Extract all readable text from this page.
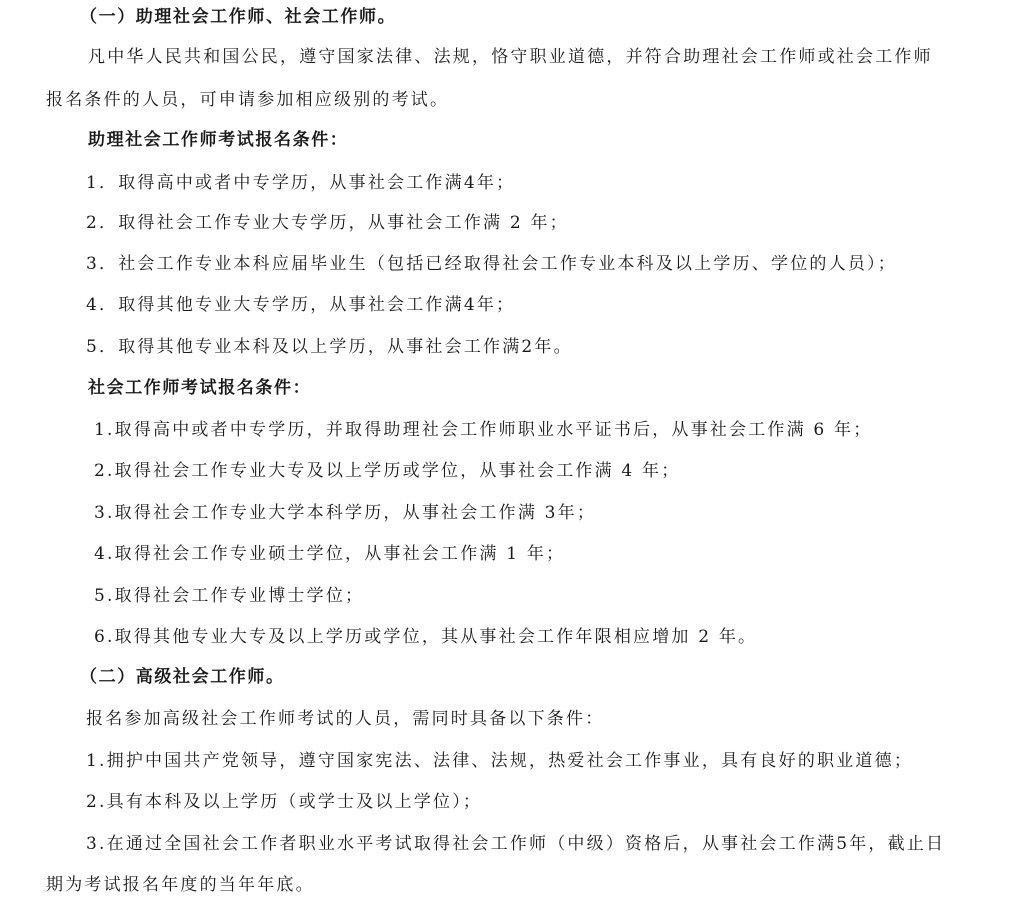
（一）助理社会工作师、社会工作师。
凡中华人民共和国公民，遵守国家法律、法规，恪守职业道德，并符合助理社会工作师或社会工作师
报名条件的人员，可申请参加相应级别的考试。
助理社会工作师考试报名条件：
1．取得高中或者中专学历，从事社会工作满4年；
2．取得社会工作专业大专学历，从事社会工作满 2 年；
3．社会工作专业本科应届毕业生（包括已经取得社会工作专业本科及以上学历、学位的人员）；
4．取得其他专业大专学历，从事社会工作满4年；
5．取得其他专业本科及以上学历，从事社会工作满2年。
社会工作师考试报名条件：
1.取得高中或者中专学历，并取得助理社会工作师职业水平证书后，从事社会工作满 6 年；
2.取得社会工作专业大专及以上学历或学位，从事社会工作满 4 年；
3.取得社会工作专业大学本科学历，从事社会工作满 3年；
4.取得社会工作专业硕士学位，从事社会工作满 1 年；
5.取得社会工作专业博士学位；
6.取得其他专业大专及以上学历或学位，其从事社会工作年限相应增加 2 年。
（二）高级社会工作师。
报名参加高级社会工作师考试的人员，需同时具备以下条件：
1.拥护中国共产党领导，遵守国家宪法、法律、法规，热爱社会工作事业，具有良好的职业道德；
2.具有本科及以上学历（或学士及以上学位）；
3.在通过全国社会工作者职业水平考试取得社会工作师（中级）资格后，从事社会工作满5年，截止日
期为考试报名年度的当年年底。
